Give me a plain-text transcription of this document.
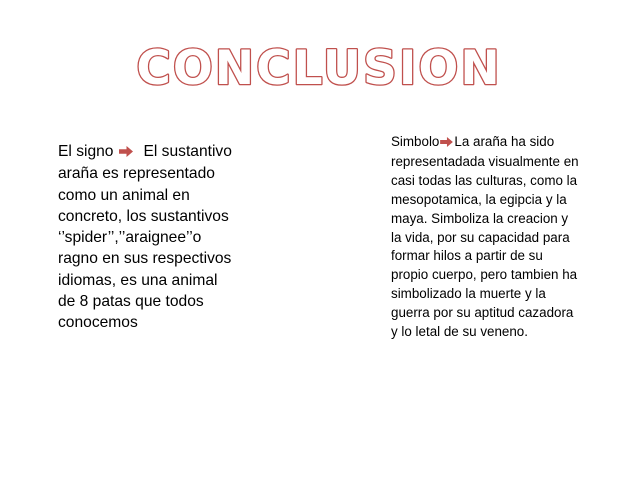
CONCLUSION

El signo El sustantivo araña es representado como un animal en concreto, los sustantivos ‘’spider’’,’’araignee’’o ragno en sus respectivos idiomas, es una animal de 8 patas que todos conocemos

Simbolo La araña ha sido representadada visualmente en casi todas las culturas, como la mesopotamica, la egipcia y la maya. Simboliza la creacion y la vida, por su capacidad para formar hilos a partir de su propio cuerpo, pero tambien ha simbolizado la muerte y la guerra por su aptitud cazadora y lo letal de su veneno.
